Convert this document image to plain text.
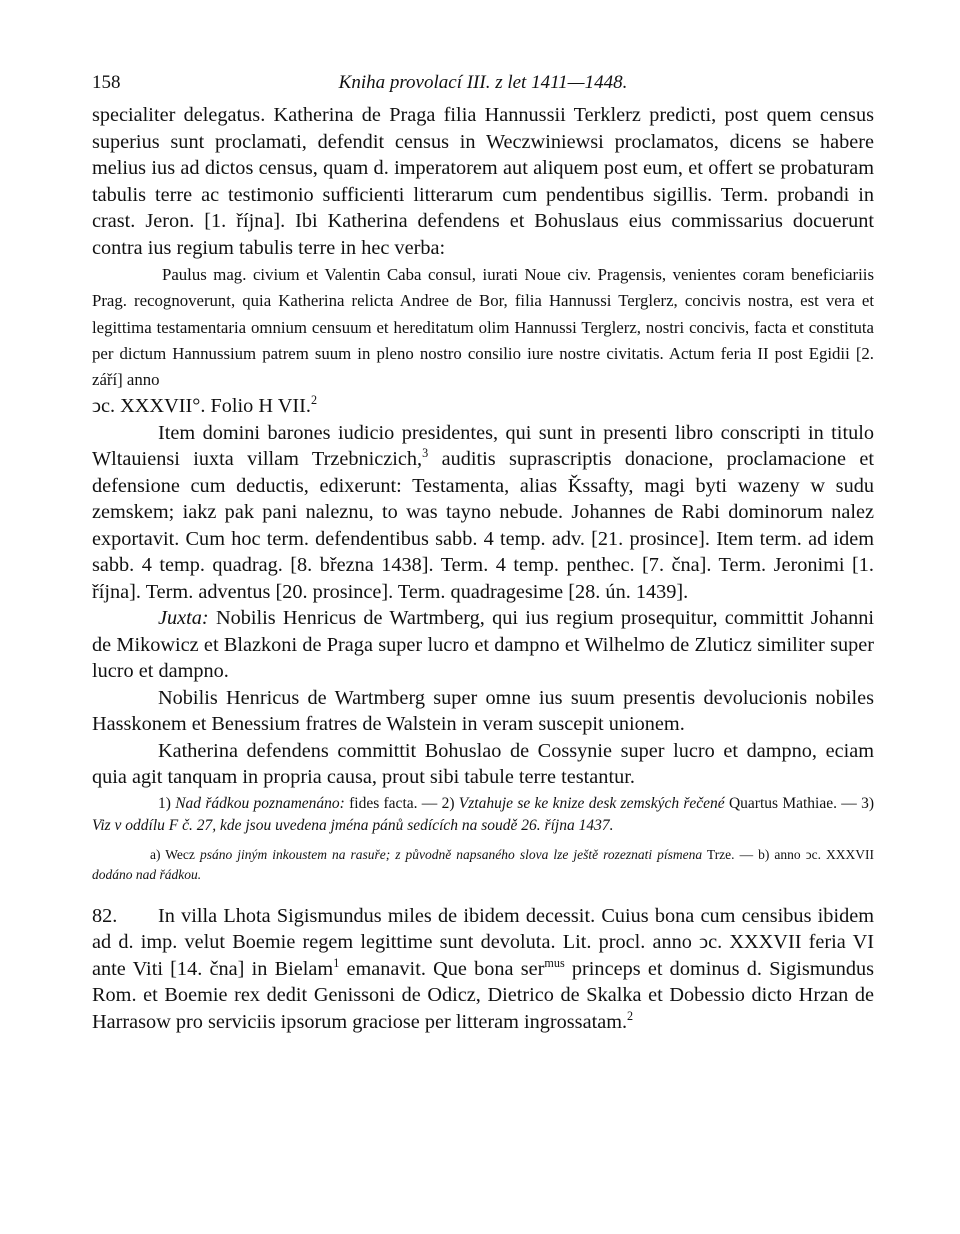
158	Kniha provolací III. z let 1411—1448.

specialiter delegatus. Katherina de Praga filia Hannussii Terklerz predicti, post quem census superius sunt proclamati, defendit census in Weczwiniewsi proclamatos, dicens se habere melius ius ad dictos census, quam d. imperatorem aut aliquem post eum, et offert se probaturam tabulis terre ac testimonio sufficienti litterarum cum pendentibus sigillis. Term. probandi in crast. Jeron. [1. října]. Ibi Katherina defendens et Bohuslaus eius commissarius docuerunt contra ius regium tabulis terre in hec verba:

Paulus mag. civium et Valentin Caba consul, iurati Noue civ. Pragensis, venientes coram beneficiariis Prag. recognoverunt, quia Katherina relicta Andree de Bor, filia Hannussi Terglerz, concivis nostra, est vera et legittima testamentaria omnium censuum et hereditatum olim Hannussi Terglerz, nostri concivis, facta et constituta per dictum Hannussium patrem suum in pleno nostro consilio iure nostre civitatis. Actum feria II post Egidii [2. září] anno

ↄc. XXXVII°. Folio H VII.$^2$

Item domini barones iudicio presidentes, qui sunt in presenti libro conscripti in titulo Wltauiensi iuxta villam Trzebniczich,$^3$ auditis suprascriptis donacione, proclamacione et defensione cum deductis, edixerunt: Testamenta, alias Ǩssafty, magi byti wazeny w sudu zemskem; iakz pak pani naleznu, to was tayno nebude. Johannes de Rabi dominorum nalez exportavit. Cum hoc term. defendentibus sabb. 4 temp. adv. [21. prosince]. Item term. ad idem sabb. 4 temp. quadrag. [8. března 1438]. Term. 4 temp. penthec. [7. čna]. Term. Jeronimi [1. října]. Term. adventus [20. prosince]. Term. quadragesime [28. ún. 1439].

Juxta: Nobilis Henricus de Wartmberg, qui ius regium prosequitur, committit Johanni de Mikowicz et Blazkoni de Praga super lucro et dampno et Wilhelmo de Zluticz similiter super lucro et dampno.

Nobilis Henricus de Wartmberg super omne ius suum presentis devolucionis nobiles Hasskonem et Benessium fratres de Walstein in veram suscepit unionem.

Katherina defendens committit Bohuslao de Cossynie super lucro et dampno, eciam quia agit tanquam in propria causa, prout sibi tabule terre testantur.

1) Nad řádkou poznamenáno: fides facta. — 2) Vztahuje se ke knize desk zemských řečené Quartus Mathiae. — 3) Viz v oddílu F č. 27, kde jsou uvedena jména pánů sedících na soudě 26. října 1437.

a) Wecz psáno jiným inkoustem na rasuře; z původně napsaného slova lze ještě rozeznati písmena Trze. — b) anno ↄc. XXXVII dodáno nad řádkou.

82. In villa Lhota Sigismundus miles de ibidem decessit. Cuius bona cum censibus ibidem ad d. imp. velut Boemie regem legittime sunt devoluta. Lit. procl. anno ↄc. XXXVII feria VI ante Viti [14. čna] in Bielam$^1$ emanavit. Que bona ser$^{mus}$ princeps et dominus d. Sigismundus Rom. et Boemie rex dedit Genissoni de Odicz, Dietrico de Skalka et Dobessio dicto Hrzan de Harrasow pro serviciis ipsorum graciose per litteram ingrossatam.$^2$
